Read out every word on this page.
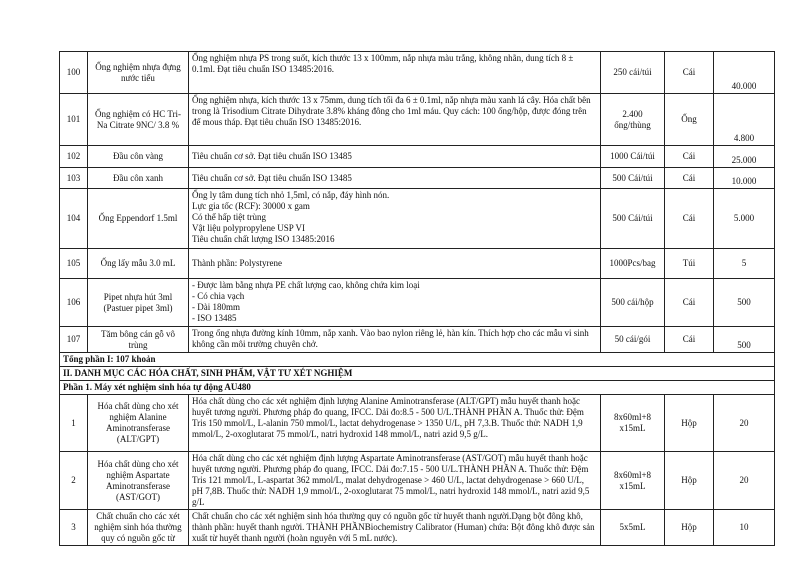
100	Ống nghiệm nhựa đựng nước tiểu	Ống nghiệm nhựa PS trong suốt, kích thước 13 x 100mm, nắp nhựa màu trắng, không nhãn, dung tích 8 ± 0.1ml. Đạt tiêu chuẩn ISO 13485:2016.	250 cái/túi	Cái	40.000
101	Ống nghiệm có HC Tri-Na Citrate 9NC/ 3.8 %	Ống nghiệm nhựa, kích thước 13 x 75mm, dung tích tối đa 6 ± 0.1ml, nắp nhựa màu xanh lá cây. Hóa chất bên trong là Trisodium Citrate Dihydrate 3.8% kháng đông cho 1ml máu. Quy cách: 100 ống/hộp, được đóng trên để mous tháp. Đạt tiêu chuẩn ISO 13485:2016.	2.400 ống/thùng	Ống	4.800
102	Đầu côn vàng	Tiêu chuẩn cơ sở. Đạt tiêu chuẩn ISO 13485	1000 Cái/túi	Cái	25.000
103	Đầu côn xanh	Tiêu chuẩn cơ sở. Đạt tiêu chuẩn ISO 13485	500 Cái/túi	Cái	10.000
104	Ống Eppendorf 1.5ml	Ống ly tâm dung tích nhỏ 1,5ml, có nắp, đáy hình nón.
Lực gia tốc (RCF): 30000 x gam
Có thể hấp tiệt trùng
Vật liệu polypropylene USP VI
Tiêu chuẩn chất lượng ISO 13485:2016	500 Cái/túi	Cái	5.000
105	Ống lấy mẫu 3.0 mL	Thành phần: Polystyrene	1000Pcs/bag	Túi	5
106	Pipet nhựa hút 3ml (Pastuer pipet 3ml)	- Được làm bằng nhựa PE chất lượng cao, không chứa kim loại
- Có chia vạch
- Dài 180mm
- ISO 13485	500 cái/hộp	Cái	500
107	Tăm bông cán gỗ vô trùng	Trong ống nhựa đường kính 10mm, nắp xanh. Vào bao nylon riêng lẻ, hàn kín. Thích hợp cho các mẫu vi sinh không cần môi trường chuyên chở.	50 cái/gói	Cái	500
Tổng phần I: 107 khoản					
II. DANH MỤC CÁC HÓA CHẤT, SINH PHẨM, VẬT TƯ XÉT NGHIỆM					
Phần 1. Máy xét nghiệm sinh hóa tự động AU480					
1	Hóa chất dùng cho xét nghiệm Alanine Aminotransferase (ALT/GPT)	Hóa chất dùng cho các xét nghiệm định lượng Alanine Aminotransferase (ALT/GPT) mẫu huyết thanh hoặc huyết tương người. Phương pháp đo quang, IFCC. Dải đo:8.5 - 500 U/L.THÀNH PHẦN A. Thuốc thử: Đệm Tris 150 mmol/L, L-alanin 750 mmol/L, lactat dehydrogenase > 1350 U/L, pH 7,3.B. Thuốc thử: NADH 1,9 mmol/L, 2-oxoglutarat 75 mmol/L, natri hydroxid 148 mmol/L, natri azid 9,5 g/L.	8x60ml+8 x15mL	Hộp	20
2	Hóa chất dùng cho xét nghiệm Aspartate Aminotransferase (AST/GOT)	Hóa chất dùng cho các xét nghiệm định lượng Aspartate Aminotransferase (AST/GOT) mẫu huyết thanh hoặc huyết tương người. Phương pháp đo quang, IFCC. Dải đo:7.15 - 500 U/L.THÀNH PHẦN A. Thuốc thử: Đệm Tris 121 mmol/L, L-aspartat 362 mmol/L, malat dehydrogenase > 460 U/L, lactat dehydrogenase > 660 U/L, pH 7,8B. Thuốc thử: NADH 1,9 mmol/L, 2-oxoglutarat 75 mmol/L, natri hydroxid 148 mmol/L, natri azid 9,5 g/L	8x60ml+8 x15mL	Hộp	20
3	Chất chuẩn cho các xét nghiệm sinh hóa thường quy có nguồn gốc từ	Chất chuẩn cho các xét nghiệm sinh hóa thường quy có nguồn gốc từ huyết thanh người.Dạng bột đông khô, thành phần: huyết thanh người. THÀNH PHẦNBiochemistry Calibrator (Human) chứa: Bột đông khô được sản xuất từ huyết thanh người (hoàn nguyên với 5 mL nước).	5x5mL	Hộp	10
